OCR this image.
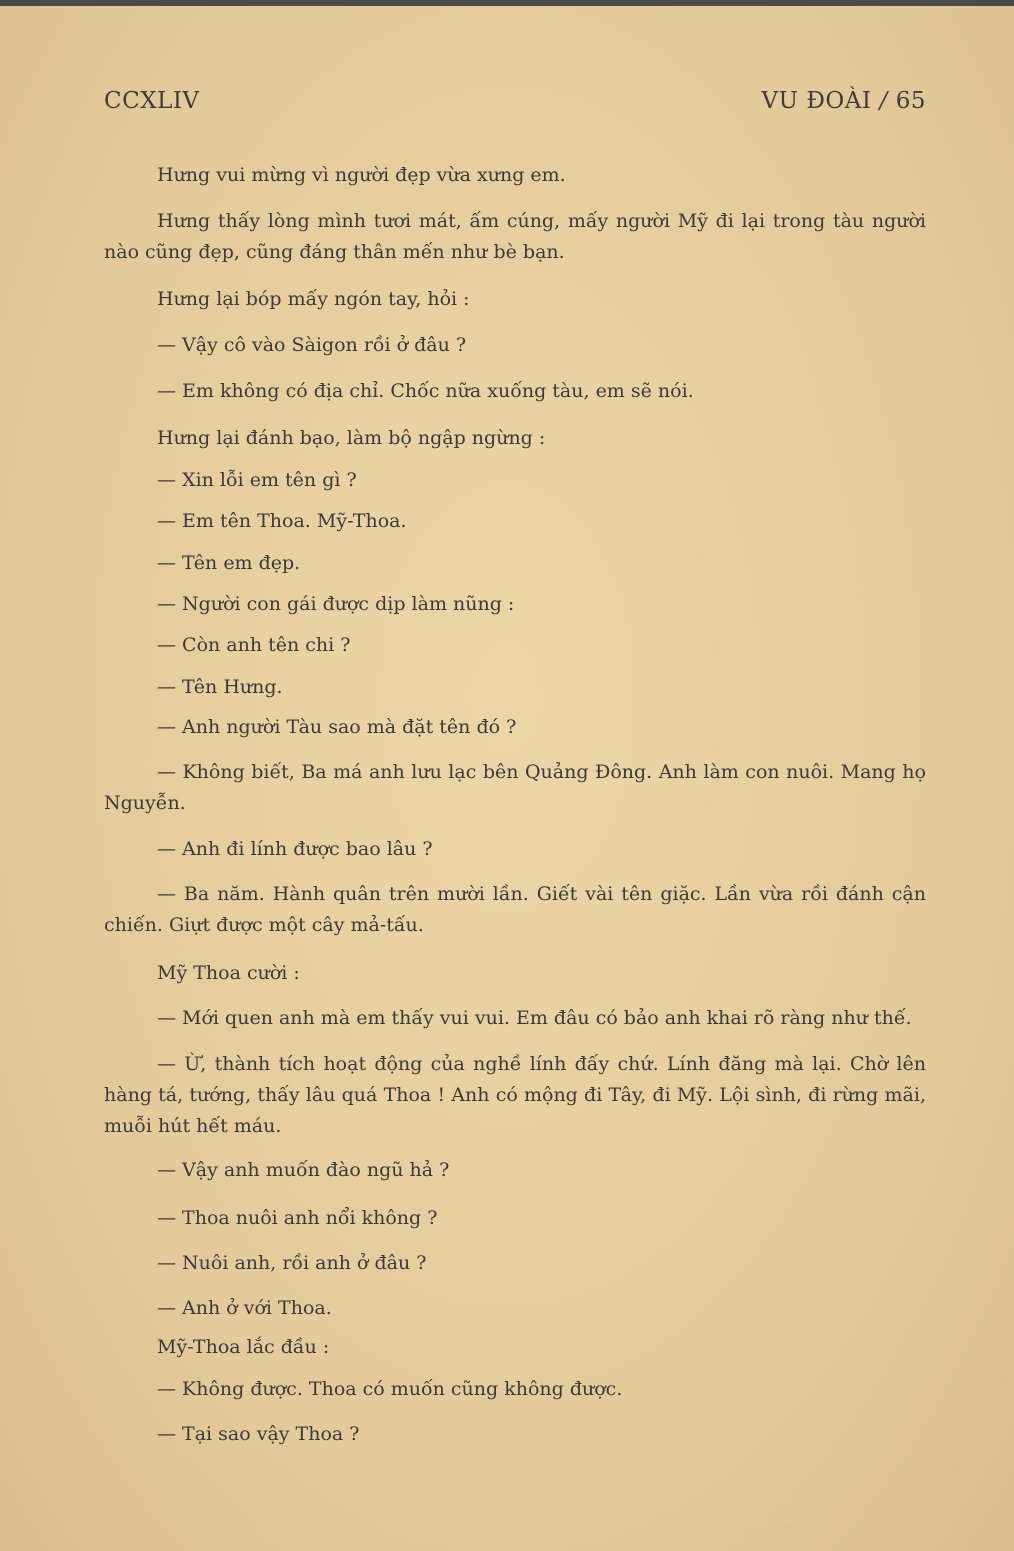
CCXLIV	VU ĐOÀI / 65

Hưng vui mừng vì người đẹp vừa xưng em.

Hưng thấy lòng mình tươi mát, ấm cúng, mấy người Mỹ đi lại trong tàu người nào cũng đẹp, cũng đáng thân mến như bè bạn.

Hưng lại bóp mấy ngón tay, hỏi :

— Vậy cô vào Sàigon rồi ở đâu ?

— Em không có địa chỉ. Chốc nữa xuống tàu, em sẽ nói.

Hưng lại đánh bạo, làm bộ ngập ngừng :

— Xin lỗi em tên gì ?

— Em tên Thoa. Mỹ-Thoa.

— Tên em đẹp.

— Người con gái được dịp làm nũng :

— Còn anh tên chi ?

— Tên Hưng.

— Anh người Tàu sao mà đặt tên đó ?

— Không biết, Ba má anh lưu lạc bên Quảng Đông. Anh làm con nuôi. Mang họ Nguyễn.

— Anh đi lính được bao lâu ?

— Ba năm. Hành quân trên mười lần. Giết vài tên giặc. Lần vừa rồi đánh cận chiến. Giựt được một cây mả-tấu.

Mỹ Thoa cười :

— Mới quen anh mà em thấy vui vui. Em đâu có bảo anh khai rõ ràng như thế.

— Ừ, thành tích hoạt động của nghề lính đấy chứ. Lính đăng mà lại. Chờ lên hàng tá, tướng, thấy lâu quá Thoa ! Anh có mộng đi Tây, đi Mỹ. Lội sình, đi rừng mãi, muỗi hút hết máu.

— Vậy anh muốn đào ngũ hả ?

— Thoa nuôi anh nổi không ?

— Nuôi anh, rồi anh ở đâu ?

— Anh ở với Thoa.

Mỹ-Thoa lắc đầu :

— Không được. Thoa có muốn cũng không được.

— Tại sao vậy Thoa ?
